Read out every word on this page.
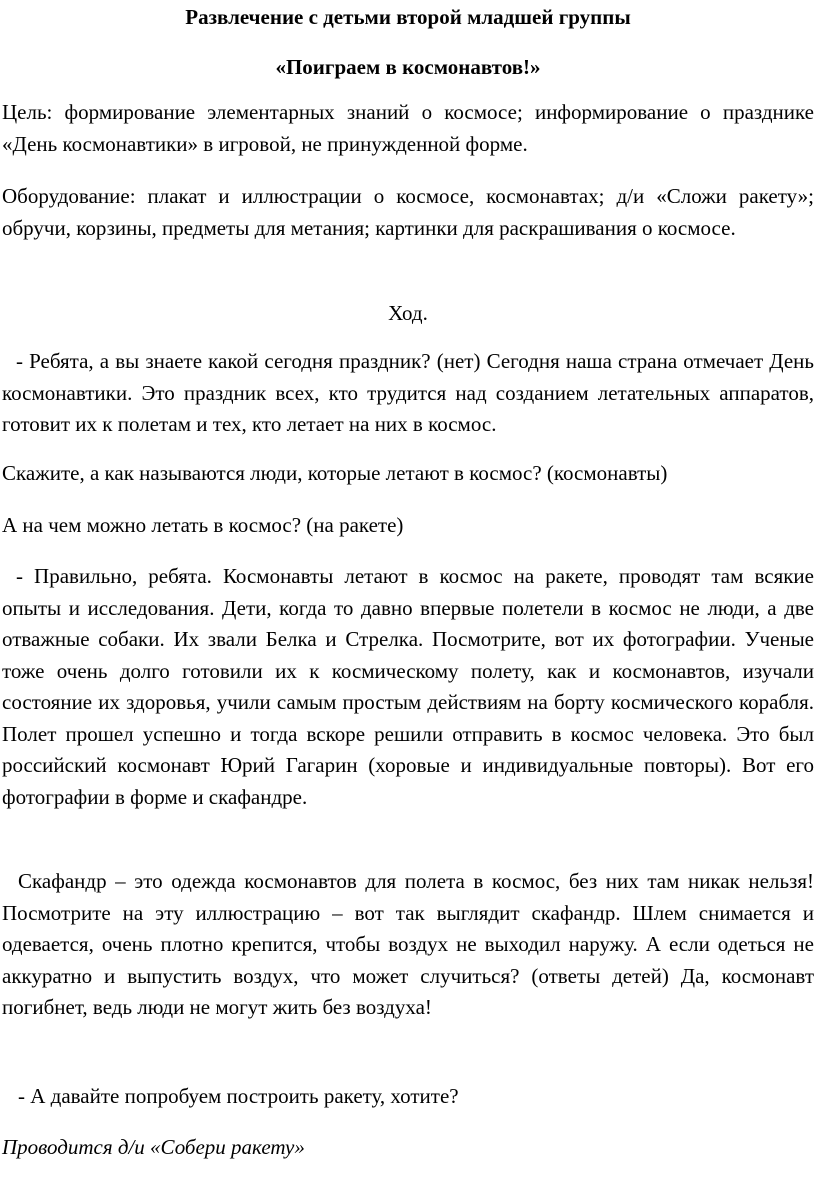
Развлечение с детьми второй младшей группы
«Поиграем в космонавтов!»

Цель: формирование элементарных знаний о космосе; информирование о празднике «День космонавтики» в игровой, не принужденной форме.

Оборудование: плакат и иллюстрации о космосе, космонавтах; д/и «Сложи ракету»; обручи, корзины, предметы для метания; картинки для раскрашивания о космосе.

Ход.

- Ребята, а вы знаете какой сегодня праздник? (нет) Сегодня наша страна отмечает День космонавтики. Это праздник всех, кто трудится над созданием летательных аппаратов, готовит их к полетам и тех, кто летает на них в космос.

Скажите, а как называются люди, которые летают в космос? (космонавты)

А на чем можно летать в космос? (на ракете)

- Правильно, ребята. Космонавты летают в космос на ракете, проводят там всякие опыты и исследования. Дети, когда то давно впервые полетели в космос не люди, а две отважные собаки. Их звали Белка и Стрелка. Посмотрите, вот их фотографии. Ученые тоже очень долго готовили их к космическому полету, как и космонавтов, изучали состояние их здоровья, учили самым простым действиям на борту космического корабля. Полет прошел успешно и тогда вскоре решили отправить в космос человека. Это был российский космонавт Юрий Гагарин (хоровые и индивидуальные повторы). Вот его фотографии в форме и скафандре.

Скафандр – это одежда космонавтов для полета в космос, без них там никак нельзя! Посмотрите на эту иллюстрацию – вот так выглядит скафандр. Шлем снимается и одевается, очень плотно крепится, чтобы воздух не выходил наружу. А если одеться не аккуратно и выпустить воздух, что может случиться? (ответы детей) Да, космонавт погибнет, ведь люди не могут жить без воздуха!

- А давайте попробуем построить ракету, хотите?

Проводится д/и «Собери ракету»
